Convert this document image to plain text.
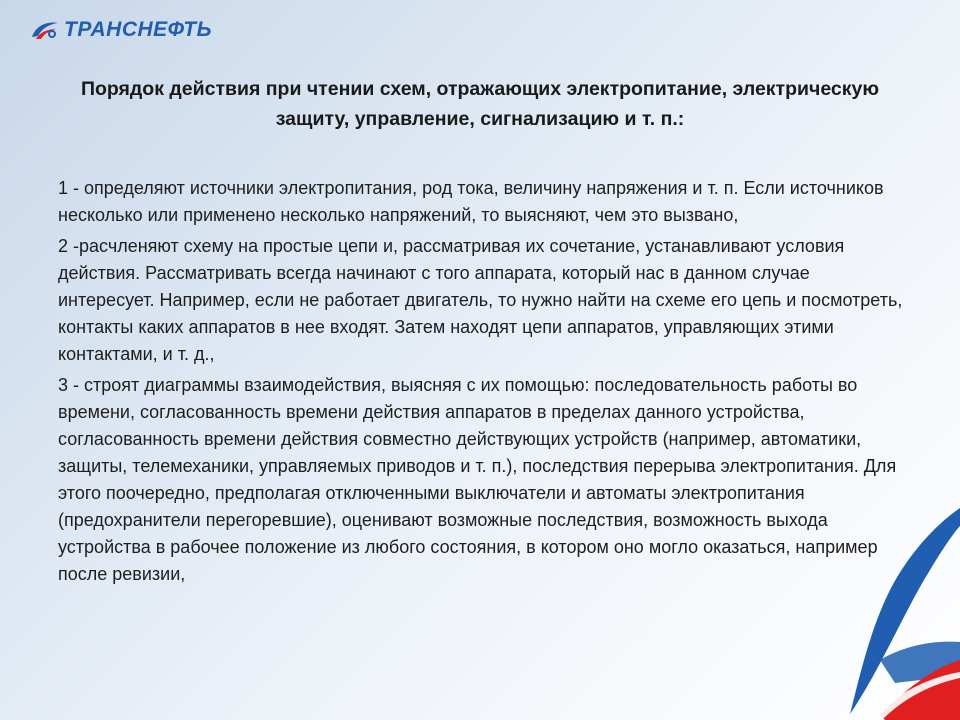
ТРАНСНЕФТЬ
Порядок действия при чтении схем, отражающих электропитание, электрическую защиту, управление, сигнализацию и т. п.:

1 - определяют источники электропитания, род тока, величину напряжения и т. п. Если источников несколько или применено несколько напряжений, то выясняют, чем это вызвано,

2 -расчленяют схему на простые цепи и, рассматривая их сочетание, устанавливают условия действия. Рассматривать всегда начинают с того аппарата, который нас в данном случае интересует. Например, если не работает двигатель, то нужно найти на схеме его цепь и посмотреть, контакты каких аппаратов в нее входят. Затем находят цепи аппаратов, управляющих этими контактами, и т. д.,

3 - строят диаграммы взаимодействия, выясняя с их помощью: последовательность работы во времени, согласованность времени действия аппаратов в пределах данного устройства, согласованность времени действия совместно действующих устройств (например, автоматики, защиты, телемеханики, управляемых приводов и т. п.), последствия перерыва электропитания. Для этого поочередно, предполагая отключенными выключатели и автоматы электропитания (предохранители перегоревшие), оценивают возможные последствия, возможность выхода устройства в рабочее положение из любого состояния, в котором оно могло оказаться, например после ревизии,
